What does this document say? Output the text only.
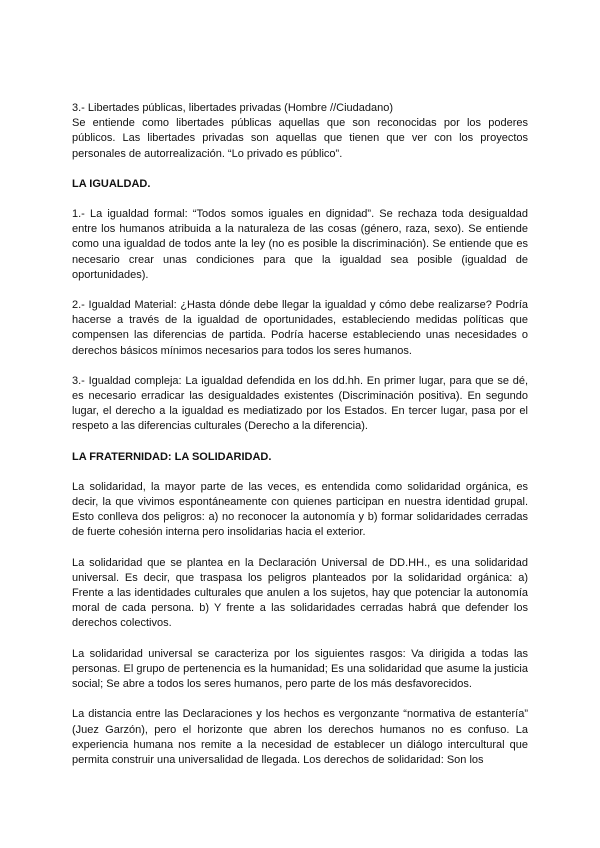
3.- Libertades públicas, libertades privadas (Hombre //Ciudadano)

Se entiende como libertades públicas aquellas que son reconocidas por los poderes públicos. Las libertades privadas son aquellas que tienen que ver con los proyectos personales de autorrealización. “Lo privado es público”.

LA IGUALDAD.

1.- La igualdad formal: “Todos somos iguales en dignidad”. Se rechaza toda desigualdad entre los humanos atribuida a la naturaleza de las cosas (género, raza, sexo). Se entiende como una igualdad de todos ante la ley (no es posible la discriminación). Se entiende que es necesario crear unas condiciones para que la igualdad sea posible (igualdad de oportunidades).

2.- Igualdad Material: ¿Hasta dónde debe llegar la igualdad y cómo debe realizarse? Podría hacerse a través de la igualdad de oportunidades, estableciendo medidas políticas que compensen las diferencias de partida. Podría hacerse estableciendo unas necesidades o derechos básicos mínimos necesarios para todos los seres humanos.

3.- Igualdad compleja: La igualdad defendida en los dd.hh. En primer lugar, para que se dé, es necesario erradicar las desigualdades existentes (Discriminación positiva). En segundo lugar, el derecho a la igualdad es mediatizado por los Estados. En tercer lugar, pasa por el respeto a las diferencias culturales (Derecho a la diferencia).

LA FRATERNIDAD: LA SOLIDARIDAD.

La solidaridad, la mayor parte de las veces, es entendida como solidaridad orgánica, es decir, la que vivimos espontáneamente con quienes participan en nuestra identidad grupal. Esto conlleva dos peligros: a) no reconocer la autonomía y b) formar solidaridades cerradas de fuerte cohesión interna pero insolidarias hacia el exterior.

La solidaridad que se plantea en la Declaración Universal de DD.HH., es una solidaridad universal. Es decir, que traspasa los peligros planteados por la solidaridad orgánica: a) Frente a las identidades culturales que anulen a los sujetos, hay que potenciar la autonomía moral de cada persona. b) Y frente a las solidaridades cerradas habrá que defender los derechos colectivos.

La solidaridad universal se caracteriza por los siguientes rasgos: Va dirigida a todas las personas. El grupo de pertenencia es la humanidad; Es una solidaridad que asume la justicia social; Se abre a todos los seres humanos, pero parte de los más desfavorecidos.

La distancia entre las Declaraciones y los hechos es vergonzante “normativa de estantería” (Juez Garzón), pero el horizonte que abren los derechos humanos no es confuso. La experiencia humana nos remite a la necesidad de establecer un diálogo intercultural que permita construir una universalidad de llegada. Los derechos de solidaridad: Son los
